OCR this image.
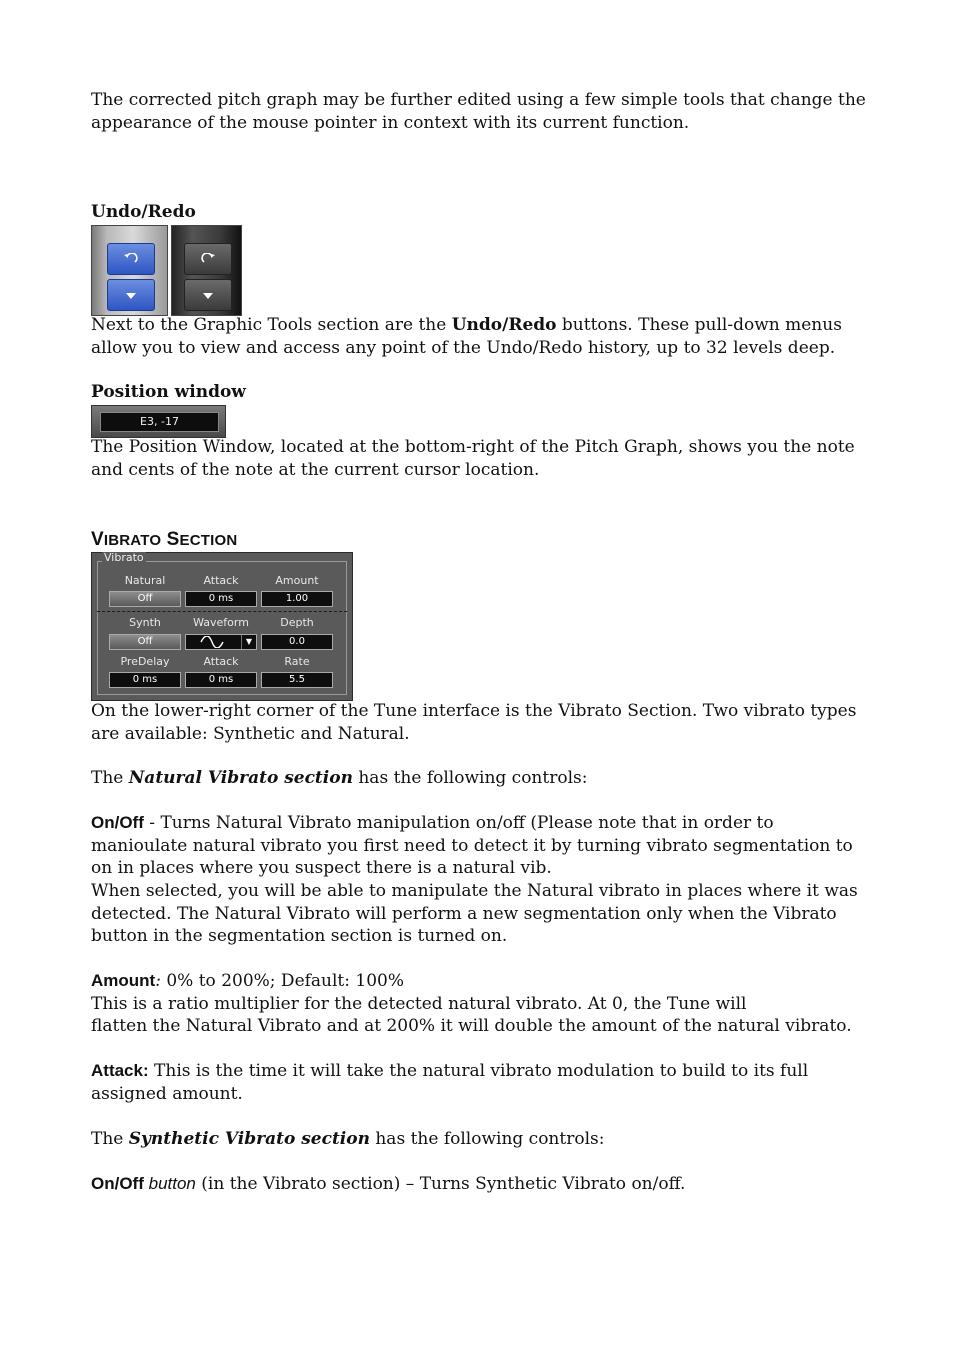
The corrected pitch graph may be further edited using a few simple tools that change the appearance of the mouse pointer in context with its current function.

Undo/Redo

Next to the Graphic Tools section are the Undo/Redo buttons. These pull-down menus allow you to view and access any point of the Undo/Redo history, up to 32 levels deep.

Position window

E3, -17

The Position Window, located at the bottom-right of the Pitch Graph, shows you the note and cents of the note at the current cursor location.

VIBRATO SECTION

Vibrato
Natural
Off
Attack
0 ms
Amount
1.00
Synth
Off
Waveform
▼
Depth
0.0
PreDelay
0 ms
Attack
0 ms
Rate
5.5

On the lower-right corner of the Tune interface is the Vibrato Section. Two vibrato types are available: Synthetic and Natural.

The Natural Vibrato section has the following controls:

On/Off - Turns Natural Vibrato manipulation on/off (Please note that in order to manioulate natural vibrato you first need to detect it by turning vibrato segmentation to on in places where you suspect there is a natural vib.

When selected, you will be able to manipulate the Natural vibrato in places where it was detected. The Natural Vibrato will perform a new segmentation only when the Vibrato button in the segmentation section is turned on.

Amount: 0% to 200%; Default: 100%
This is a ratio multiplier for the detected natural vibrato. At 0, the Tune will
flatten the Natural Vibrato and at 200% it will double the amount of the natural vibrato.

Attack: This is the time it will take the natural vibrato modulation to build to its full assigned amount.

The Synthetic Vibrato section has the following controls:

On/Off button (in the Vibrato section) – Turns Synthetic Vibrato on/off.
